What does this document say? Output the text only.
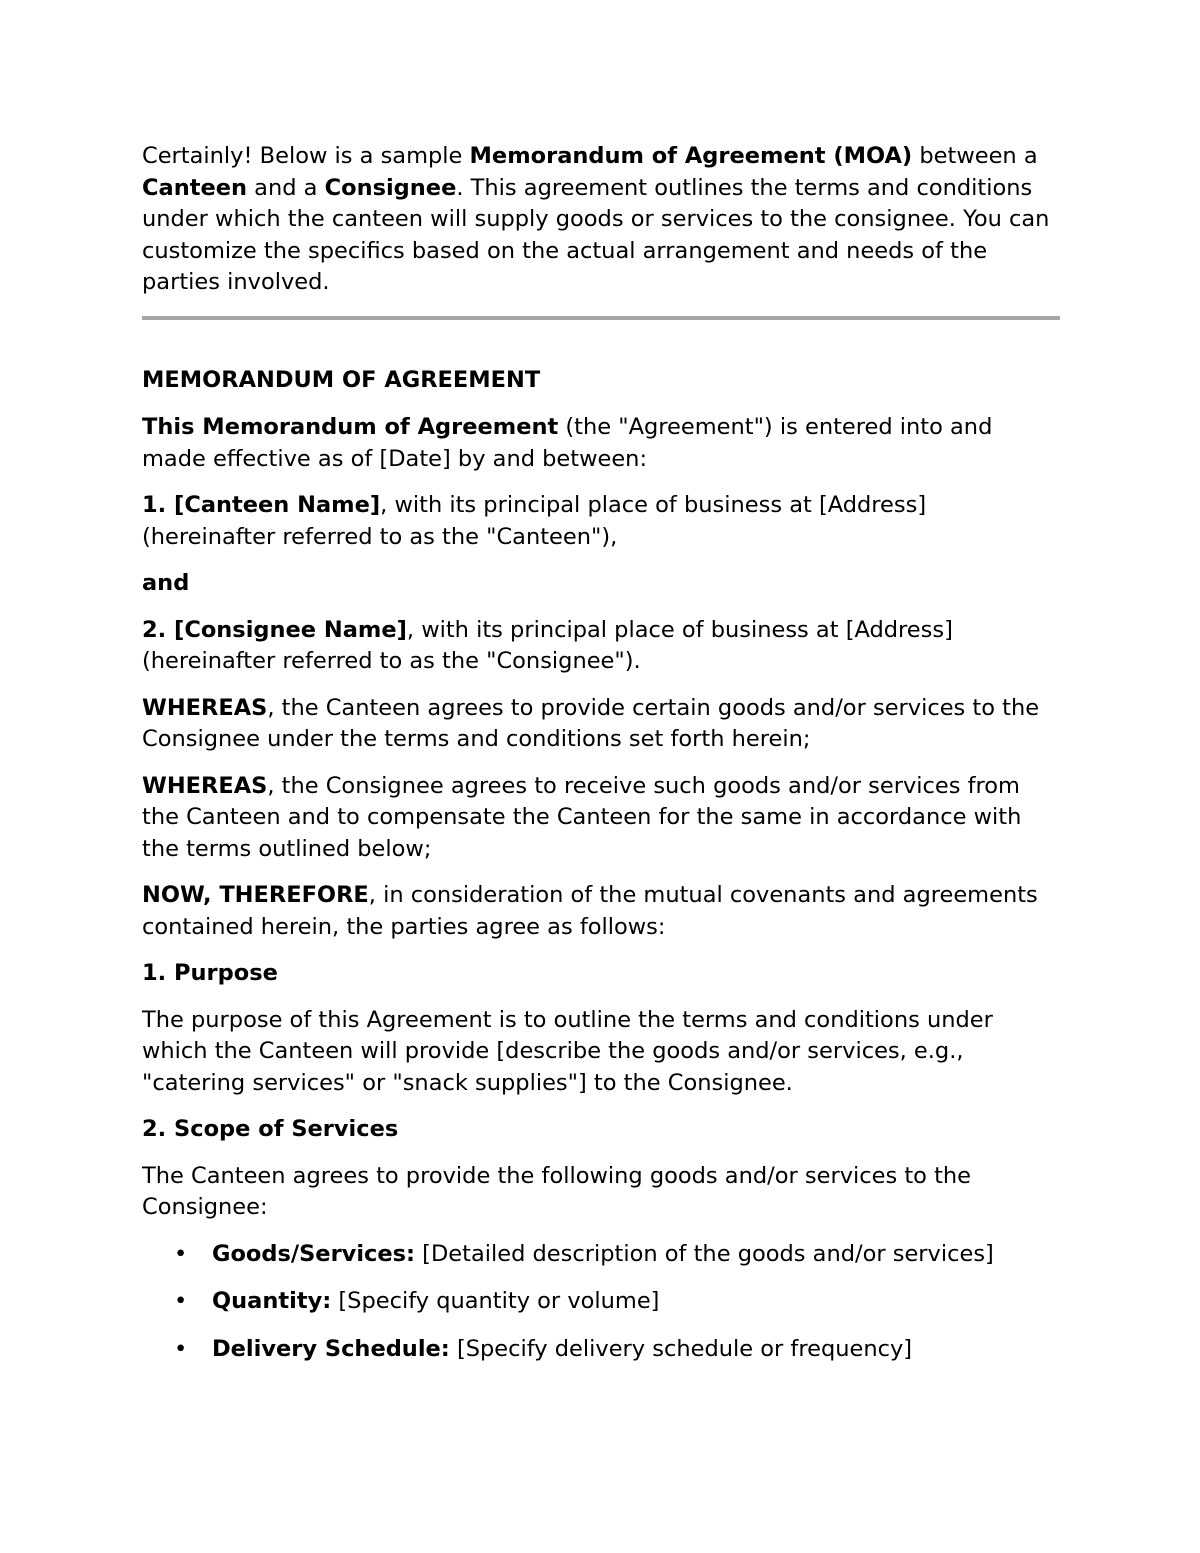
Certainly! Below is a sample Memorandum of Agreement (MOA) between a Canteen and a Consignee. This agreement outlines the terms and conditions under which the canteen will supply goods or services to the consignee. You can customize the specifics based on the actual arrangement and needs of the parties involved.

MEMORANDUM OF AGREEMENT

This Memorandum of Agreement (the "Agreement") is entered into and made effective as of [Date] by and between:

1. [Canteen Name], with its principal place of business at [Address] (hereinafter referred to as the "Canteen"),

and

2. [Consignee Name], with its principal place of business at [Address] (hereinafter referred to as the "Consignee").

WHEREAS, the Canteen agrees to provide certain goods and/or services to the Consignee under the terms and conditions set forth herein;

WHEREAS, the Consignee agrees to receive such goods and/or services from the Canteen and to compensate the Canteen for the same in accordance with the terms outlined below;

NOW, THEREFORE, in consideration of the mutual covenants and agreements contained herein, the parties agree as follows:

1. Purpose

The purpose of this Agreement is to outline the terms and conditions under which the Canteen will provide [describe the goods and/or services, e.g., "catering services" or "snack supplies"] to the Consignee.

2. Scope of Services

The Canteen agrees to provide the following goods and/or services to the Consignee:

• Goods/Services: [Detailed description of the goods and/or services]
• Quantity: [Specify quantity or volume]
• Delivery Schedule: [Specify delivery schedule or frequency]
